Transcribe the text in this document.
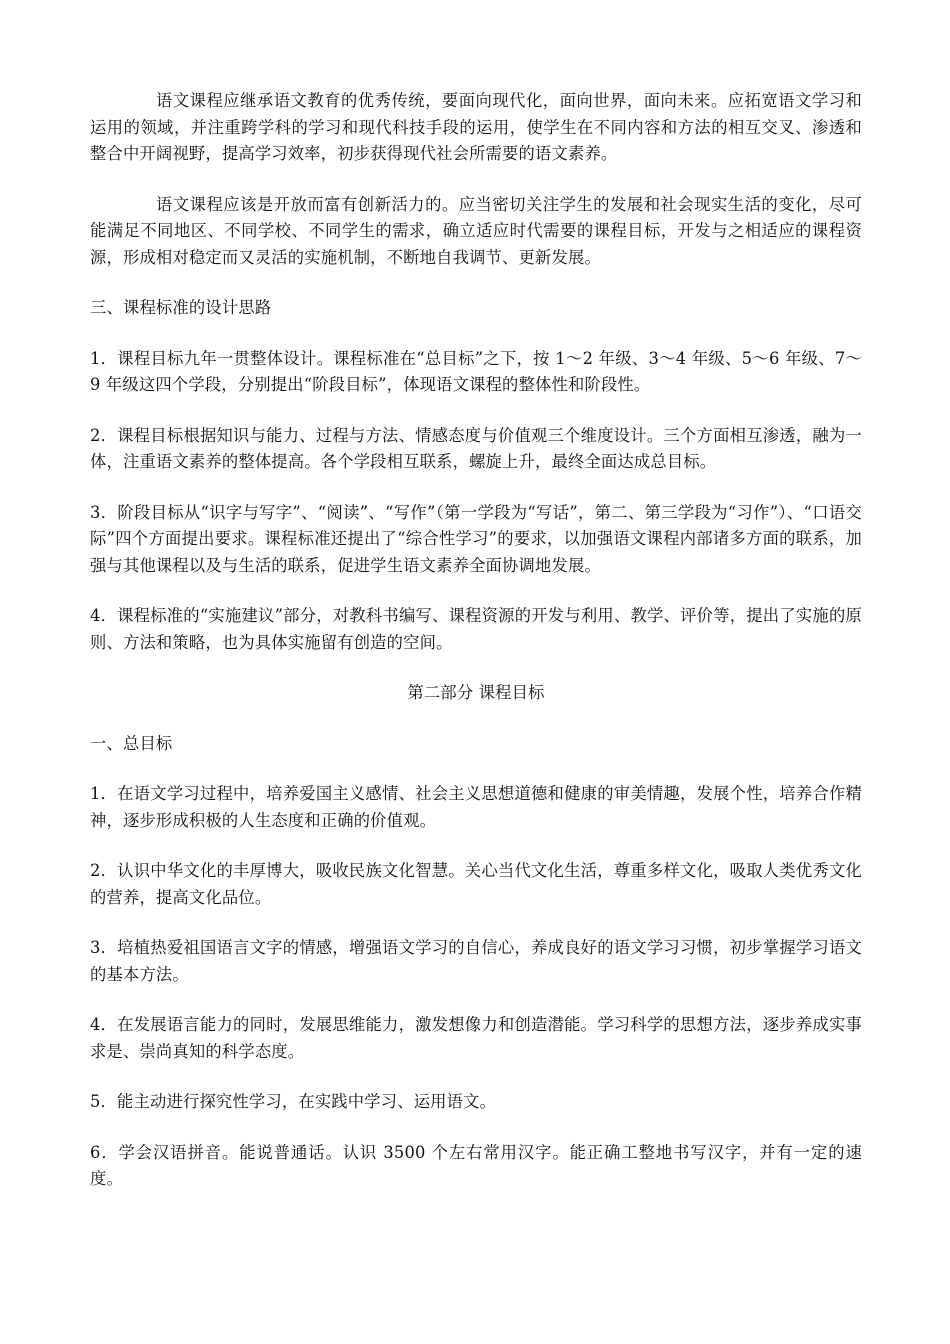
语文课程应继承语文教育的优秀传统，要面向现代化，面向世界，面向未来。应拓宽语文学习和运用的领域，并注重跨学科的学习和现代科技手段的运用，使学生在不同内容和方法的相互交叉、渗透和整合中开阔视野，提高学习效率，初步获得现代社会所需要的语文素养。

语文课程应该是开放而富有创新活力的。应当密切关注学生的发展和社会现实生活的变化，尽可能满足不同地区、不同学校、不同学生的需求，确立适应时代需要的课程目标，开发与之相适应的课程资源，形成相对稳定而又灵活的实施机制，不断地自我调节、更新发展。

三、课程标准的设计思路

1．课程目标九年一贯整体设计。课程标准在“总目标”之下，按 1～2 年级、3～4 年级、5～6 年级、7～9 年级这四个学段，分别提出“阶段目标”，体现语文课程的整体性和阶段性。

2．课程目标根据知识与能力、过程与方法、情感态度与价值观三个维度设计。三个方面相互渗透，融为一体，注重语文素养的整体提高。各个学段相互联系，螺旋上升，最终全面达成总目标。

3．阶段目标从“识字与写字”、“阅读”、“写作”（第一学段为“写话”，第二、第三学段为“习作”）、“口语交际”四个方面提出要求。课程标准还提出了“综合性学习”的要求，以加强语文课程内部诸多方面的联系，加强与其他课程以及与生活的联系，促进学生语文素养全面协调地发展。

4．课程标准的“实施建议”部分，对教科书编写、课程资源的开发与利用、教学、评价等，提出了实施的原则、方法和策略，也为具体实施留有创造的空间。

第二部分 课程目标

一、总目标

1．在语文学习过程中，培养爱国主义感情、社会主义思想道德和健康的审美情趣，发展个性，培养合作精神，逐步形成积极的人生态度和正确的价值观。

2．认识中华文化的丰厚博大，吸收民族文化智慧。关心当代文化生活，尊重多样文化，吸取人类优秀文化的营养，提高文化品位。

3．培植热爱祖国语言文字的情感，增强语文学习的自信心，养成良好的语文学习习惯，初步掌握学习语文的基本方法。

4．在发展语言能力的同时，发展思维能力，激发想像力和创造潜能。学习科学的思想方法，逐步养成实事求是、崇尚真知的科学态度。

5．能主动进行探究性学习，在实践中学习、运用语文。

6．学会汉语拼音。能说普通话。认识 3500 个左右常用汉字。能正确工整地书写汉字，并有一定的速度。
